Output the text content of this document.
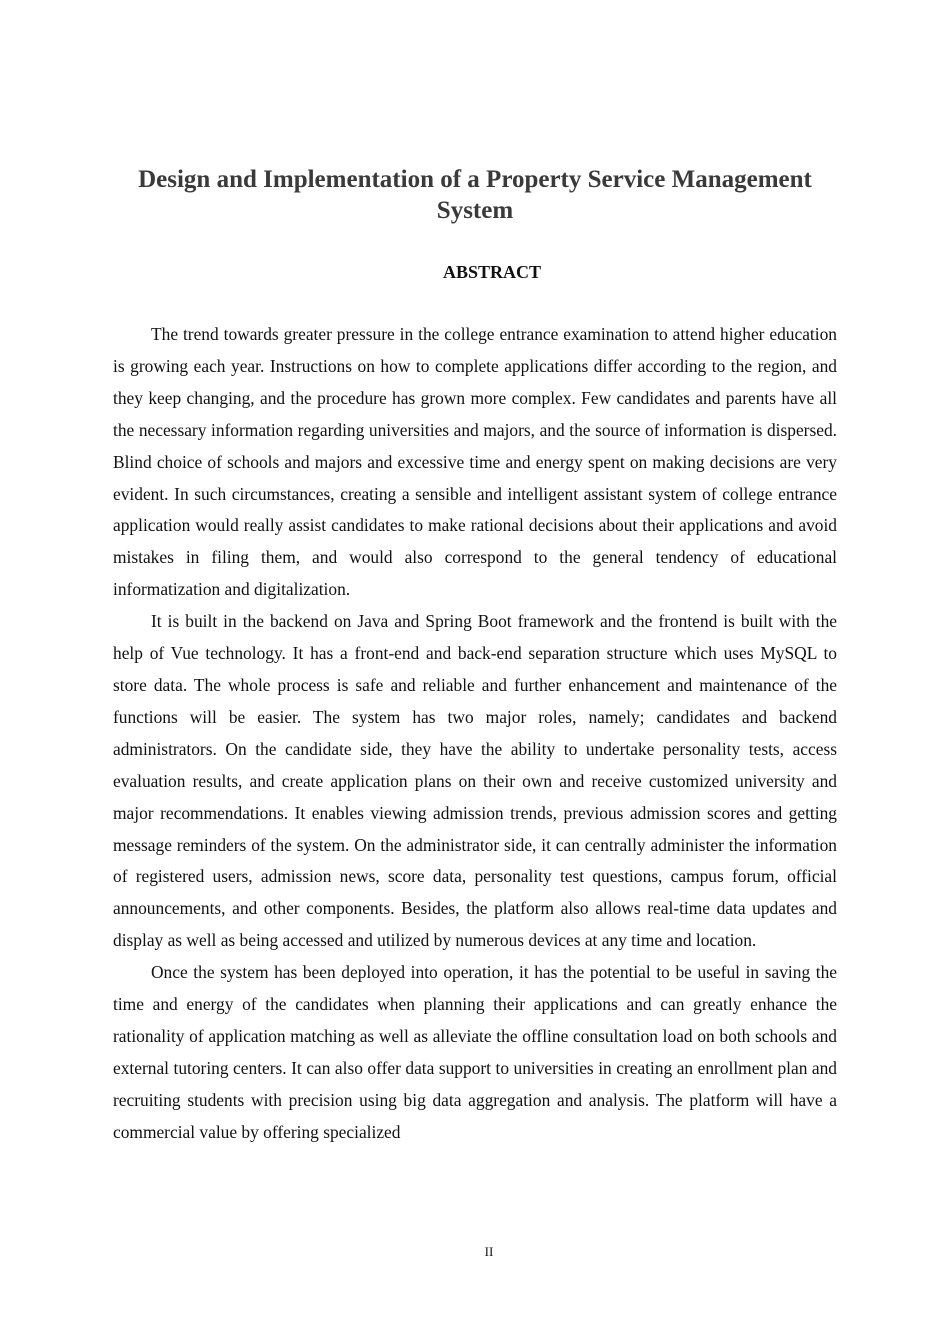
Design and Implementation of a Property Service Management System
ABSTRACT

The trend towards greater pressure in the college entrance examination to attend higher education is growing each year. Instructions on how to complete applications differ according to the region, and they keep changing, and the procedure has grown more complex. Few candidates and parents have all the necessary information regarding universities and majors, and the source of information is dispersed. Blind choice of schools and majors and excessive time and energy spent on making decisions are very evident. In such circumstances, creating a sensible and intelligent assistant system of college entrance application would really assist candidates to make rational decisions about their applications and avoid mistakes in filing them, and would also correspond to the general tendency of educational informatization and digitalization.

It is built in the backend on Java and Spring Boot framework and the frontend is built with the help of Vue technology. It has a front-end and back-end separation structure which uses MySQL to store data. The whole process is safe and reliable and further enhancement and maintenance of the functions will be easier. The system has two major roles, namely; candidates and backend administrators. On the candidate side, they have the ability to undertake personality tests, access evaluation results, and create application plans on their own and receive customized university and major recommendations. It enables viewing admission trends, previous admission scores and getting message reminders of the system. On the administrator side, it can centrally administer the information of registered users, admission news, score data, personality test questions, campus forum, official announcements, and other components. Besides, the platform also allows real-time data updates and display as well as being accessed and utilized by numerous devices at any time and location.

Once the system has been deployed into operation, it has the potential to be useful in saving the time and energy of the candidates when planning their applications and can greatly enhance the rationality of application matching as well as alleviate the offline consultation load on both schools and external tutoring centers. It can also offer data support to universities in creating an enrollment plan and recruiting students with precision using big data aggregation and analysis. The platform will have a commercial value by offering specialized

II
